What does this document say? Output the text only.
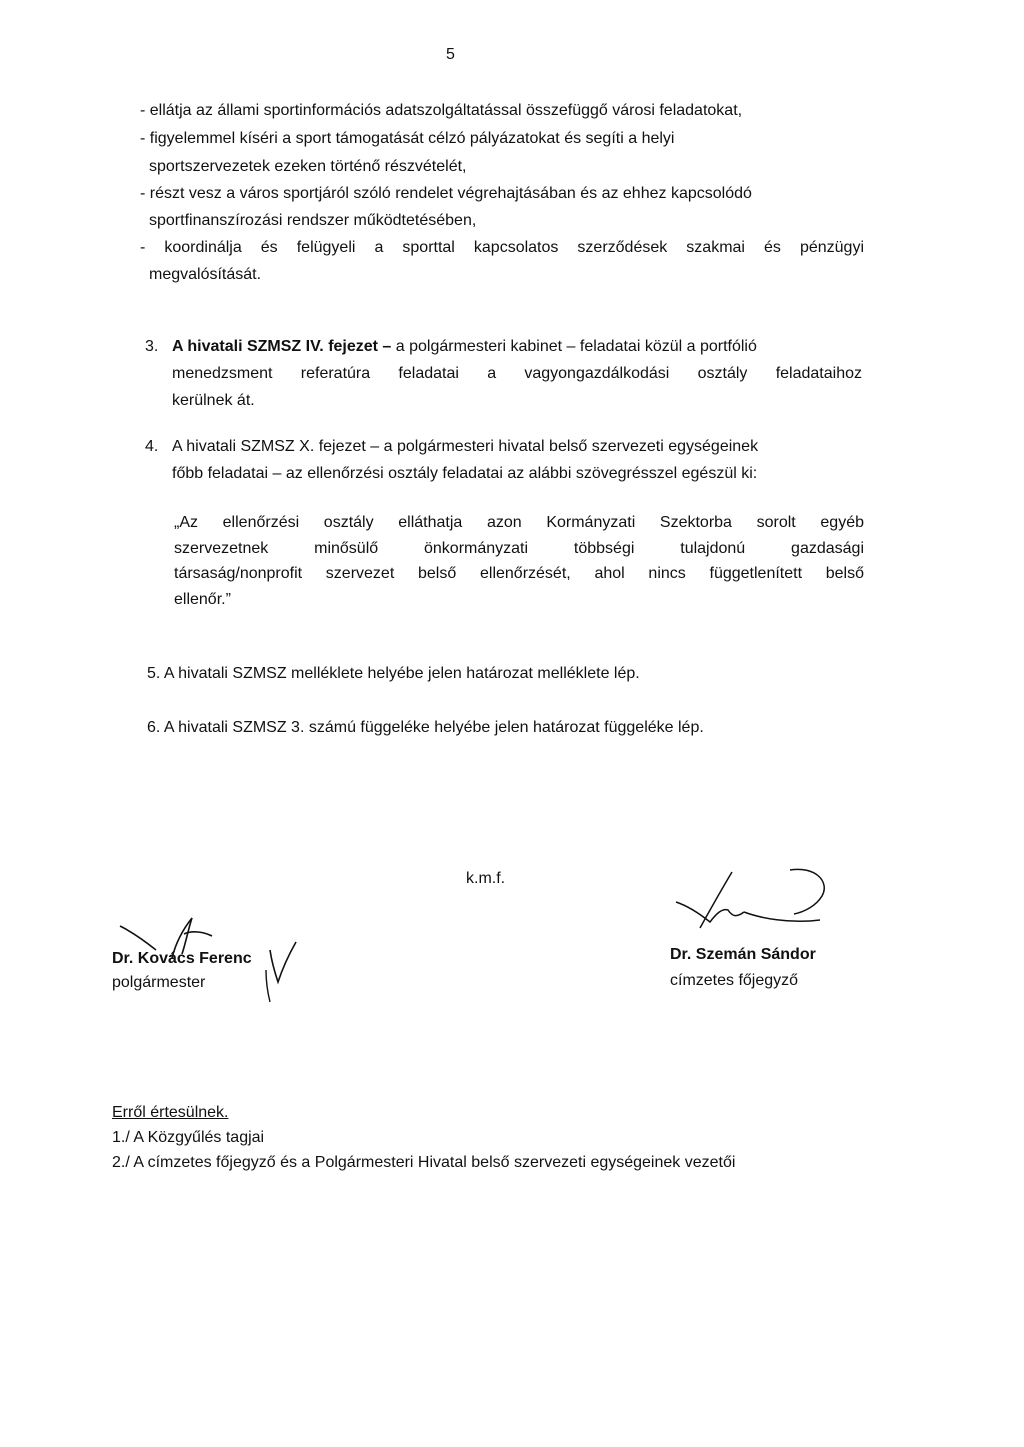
5
- ellátja az állami sportinformációs adatszolgáltatással összefüggő városi feladatokat,
- figyelemmel kíséri a sport támogatását célzó pályázatokat és segíti a helyi
sportszervezetek ezeken történő részvételét,
- részt vesz a város sportjáról szóló rendelet végrehajtásában és az ehhez kapcsolódó
sportfinanszírozási rendszer működtetésében,
- koordinálja és felügyeli a sporttal kapcsolatos szerződések szakmai és pénzügyi
megvalósítását.
3. A hivatali SZMSZ IV. fejezet – a polgármesteri kabinet – feladatai közül a portfólió
menedzsment referatúra feladatai a vagyongazdálkodási osztály feladataihoz
kerülnek át.
4. A hivatali SZMSZ X. fejezet – a polgármesteri hivatal belső szervezeti egységeinek
főbb feladatai – az ellenőrzési osztály feladatai az alábbi szövegrésszel egészül ki:
„Az ellenőrzési osztály elláthatja azon Kormányzati Szektorba sorolt egyéb
szervezetnek minősülő önkormányzati többségi tulajdonú gazdasági
társaság/nonprofit szervezet belső ellenőrzését, ahol nincs függetlenített belső
ellenőr.”
5. A hivatali SZMSZ melléklete helyébe jelen határozat melléklete lép.
6. A hivatali SZMSZ 3. számú függeléke helyébe jelen határozat függeléke lép.
k.m.f.
Dr. Kovács Ferenc
polgármester
Dr. Szemán Sándor
címzetes főjegyző
Erről értesülnek.
1./ A Közgyűlés tagjai
2./ A címzetes főjegyző és a Polgármesteri Hivatal belső szervezeti egységeinek vezetői
